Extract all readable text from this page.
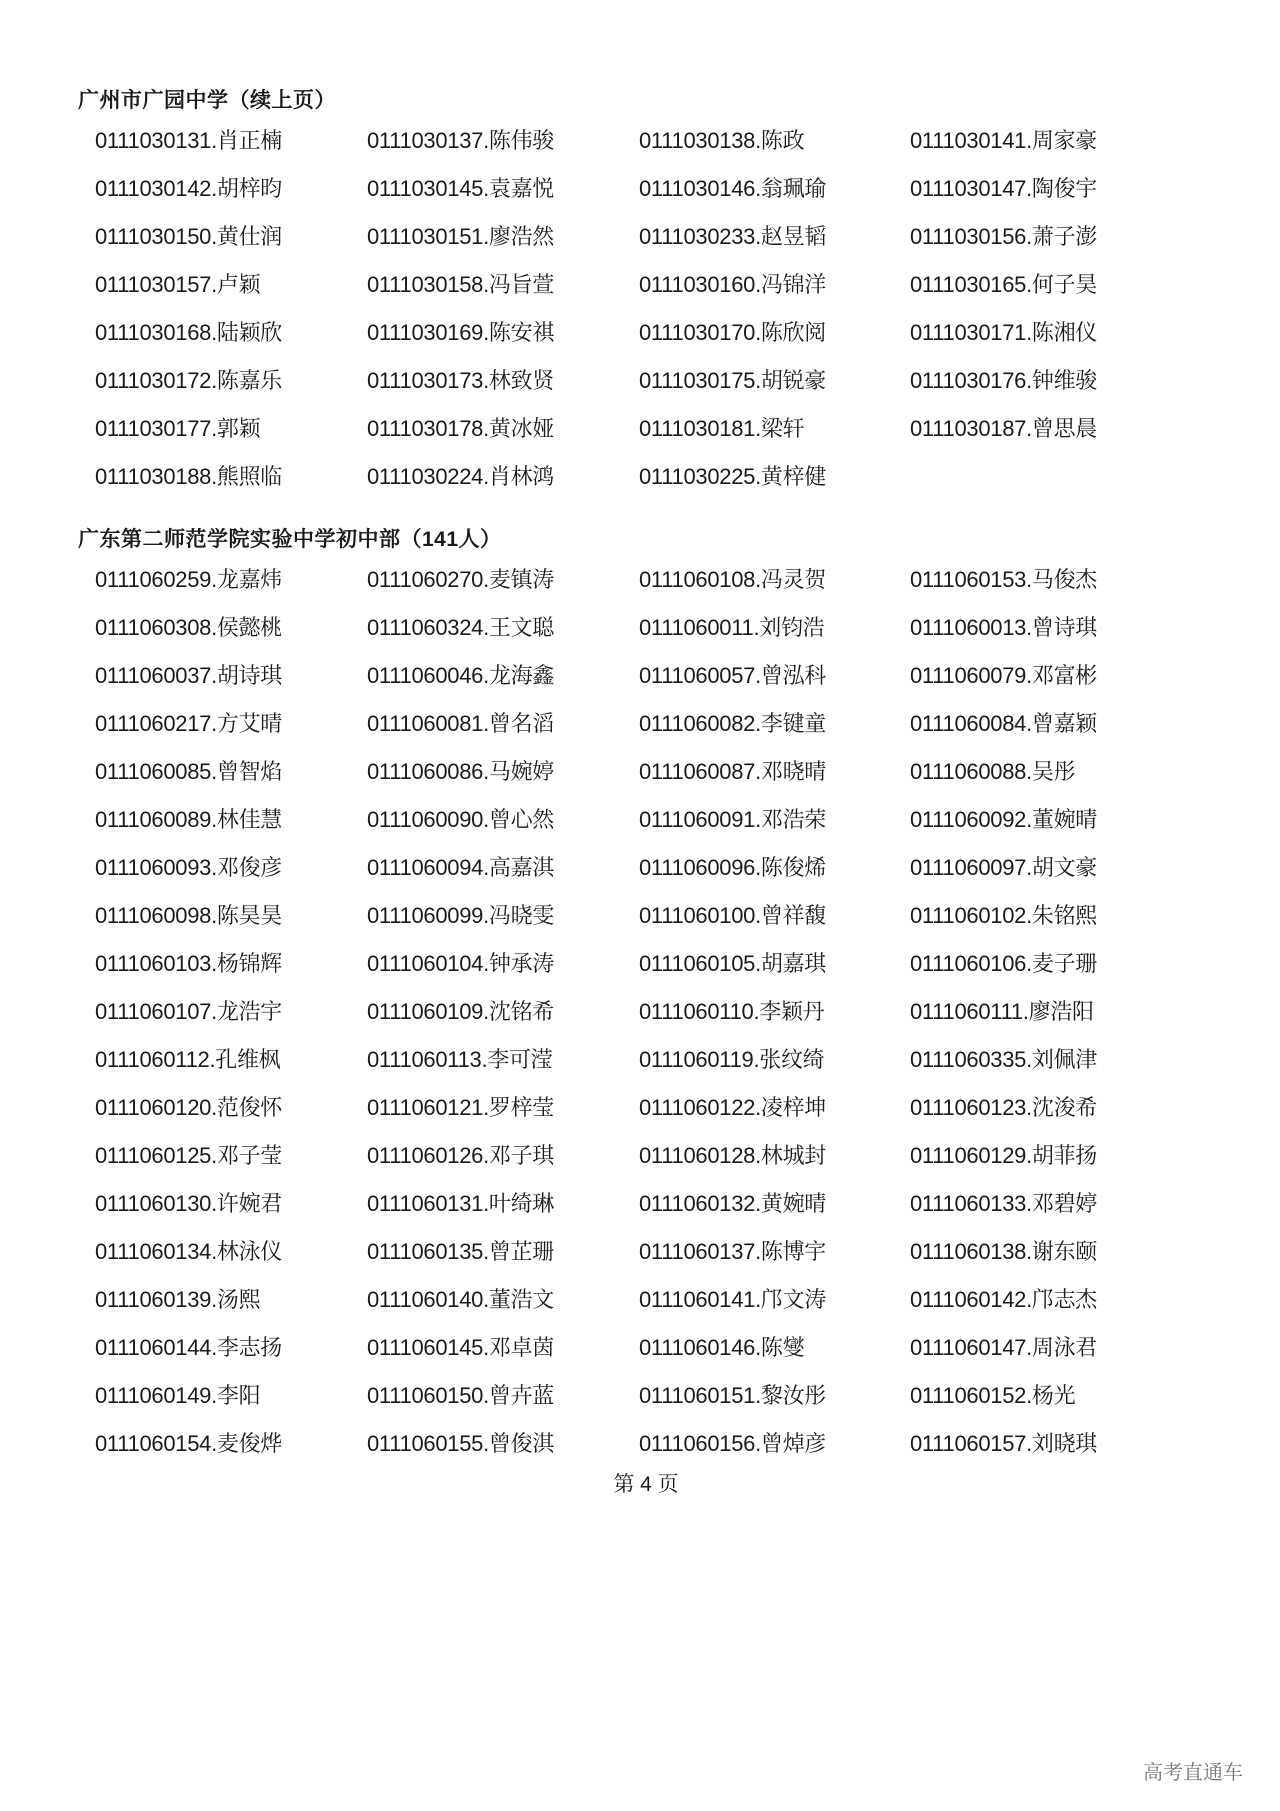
广州市广园中学（续上页）
0111030131.肖正楠	0111030137.陈伟骏	0111030138.陈政	0111030141.周家豪
0111030142.胡梓昀	0111030145.袁嘉悦	0111030146.翁珮瑜	0111030147.陶俊宇
0111030150.黄仕润	0111030151.廖浩然	0111030233.赵昱韬	0111030156.萧子澎
0111030157.卢颖	0111030158.冯旨萱	0111030160.冯锦洋	0111030165.何子昊
0111030168.陆颖欣	0111030169.陈安祺	0111030170.陈欣阅	0111030171.陈湘仪
0111030172.陈嘉乐	0111030173.林致贤	0111030175.胡锐豪	0111030176.钟维骏
0111030177.郭颖	0111030178.黄冰娅	0111030181.梁轩	0111030187.曾思晨
0111030188.熊照临	0111030224.肖林鸿	0111030225.黄梓健
广东第二师范学院实验中学初中部（141人）
0111060259.龙嘉炜	0111060270.麦镇涛	0111060108.冯灵贺	0111060153.马俊杰
0111060308.侯懿桃	0111060324.王文聪	0111060011.刘钧浩	0111060013.曾诗琪
0111060037.胡诗琪	0111060046.龙海鑫	0111060057.曾泓科	0111060079.邓富彬
0111060217.方艾晴	0111060081.曾名滔	0111060082.李键童	0111060084.曾嘉颖
0111060085.曾智焰	0111060086.马婉婷	0111060087.邓晓晴	0111060088.吴彤
0111060089.林佳慧	0111060090.曾心然	0111060091.邓浩荣	0111060092.董婉晴
0111060093.邓俊彦	0111060094.高嘉淇	0111060096.陈俊烯	0111060097.胡文豪
0111060098.陈昊昊	0111060099.冯晓雯	0111060100.曾祥馥	0111060102.朱铭熙
0111060103.杨锦辉	0111060104.钟承涛	0111060105.胡嘉琪	0111060106.麦子珊
0111060107.龙浩宇	0111060109.沈铭希	0111060110.李颖丹	0111060111.廖浩阳
0111060112.孔维枫	0111060113.李可滢	0111060119.张纹绮	0111060335.刘佩津
0111060120.范俊怀	0111060121.罗梓莹	0111060122.凌梓坤	0111060123.沈浚希
0111060125.邓子莹	0111060126.邓子琪	0111060128.林城封	0111060129.胡菲扬
0111060130.许婉君	0111060131.叶绮琳	0111060132.黄婉晴	0111060133.邓碧婷
0111060134.林泳仪	0111060135.曾芷珊	0111060137.陈博宇	0111060138.谢东颐
0111060139.汤熙	0111060140.董浩文	0111060141.邝文涛	0111060142.邝志杰
0111060144.李志扬	0111060145.邓卓茵	0111060146.陈燮	0111060147.周泳君
0111060149.李阳	0111060150.曾卉蓝	0111060151.黎汝彤	0111060152.杨光
0111060154.麦俊烨	0111060155.曾俊淇	0111060156.曾焯彦	0111060157.刘晓琪
第 4 页
高考直通车
